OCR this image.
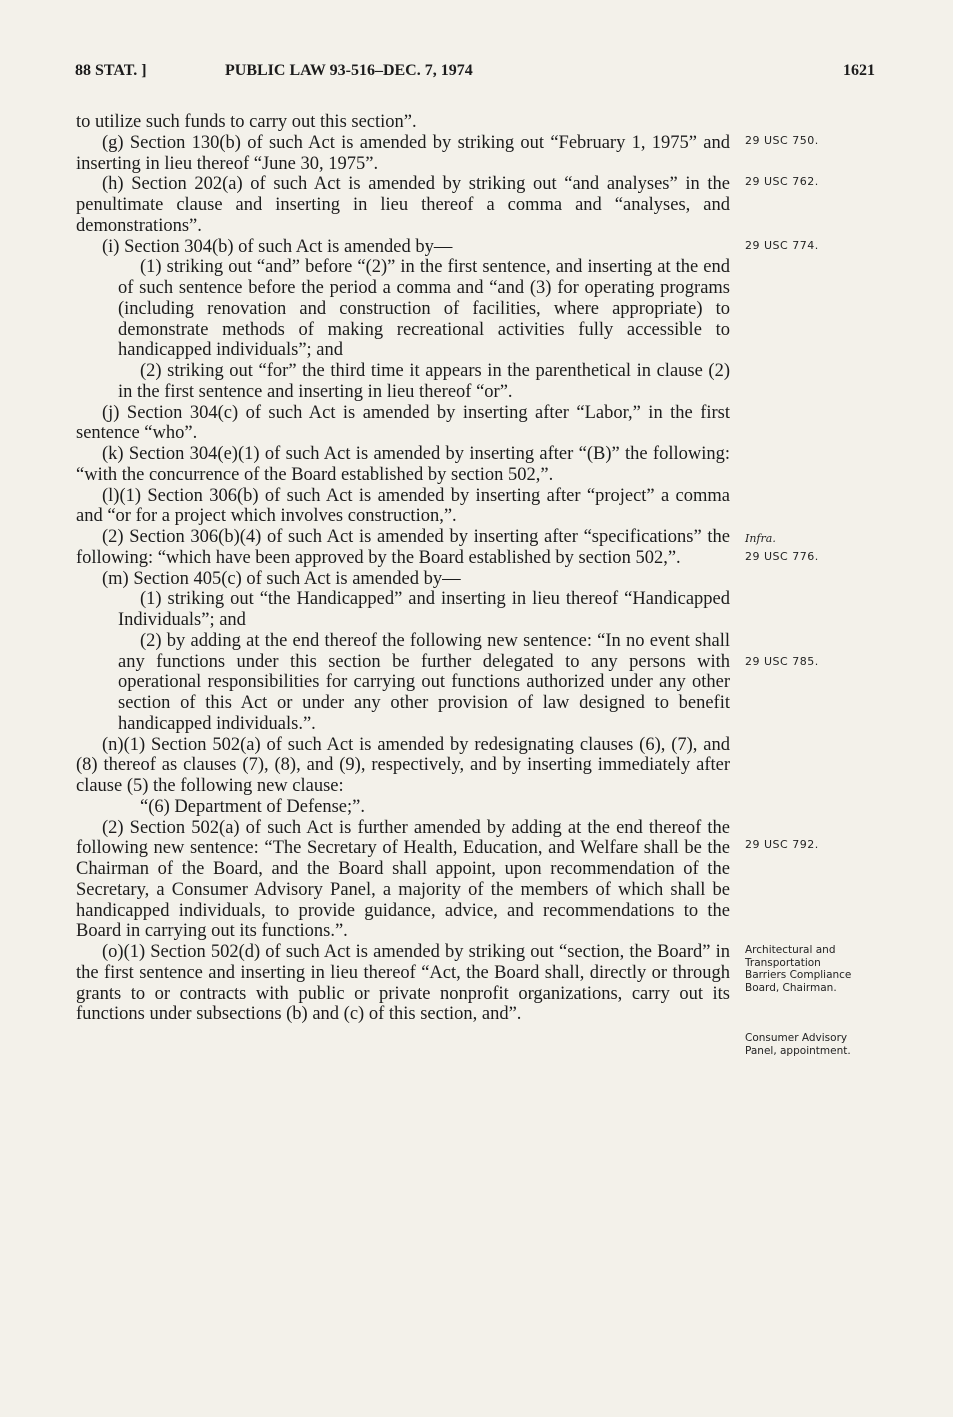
88 STAT. ]	PUBLIC LAW 93-516–DEC. 7, 1974	1621

to utilize such funds to carry out this section”.

(g) Section 130(b) of such Act is amended by striking out “February 1, 1975” and inserting in lieu thereof “June 30, 1975”.

(h) Section 202(a) of such Act is amended by striking out “and analyses” in the penultimate clause and inserting in lieu thereof a comma and “analyses, and demonstrations”.

(i) Section 304(b) of such Act is amended by—

(1) striking out “and” before “(2)” in the first sentence, and inserting at the end of such sentence before the period a comma and “and (3) for operating programs (including renovation and construction of facilities, where appropriate) to demonstrate methods of making recreational activities fully accessible to handicapped individuals”; and

(2) striking out “for” the third time it appears in the parenthetical in clause (2) in the first sentence and inserting in lieu thereof “or”.

(j) Section 304(c) of such Act is amended by inserting after “Labor,” in the first sentence “who”.

(k) Section 304(e)(1) of such Act is amended by inserting after “(B)” the following: “with the concurrence of the Board established by section 502,”.

(l)(1) Section 306(b) of such Act is amended by inserting after “project” a comma and “or for a project which involves construction,”.

(2) Section 306(b)(4) of such Act is amended by inserting after “specifications” the following: “which have been approved by the Board established by section 502,”.

(m) Section 405(c) of such Act is amended by—

(1) striking out “the Handicapped” and inserting in lieu thereof “Handicapped Individuals”; and

(2) by adding at the end thereof the following new sentence: “In no event shall any functions under this section be further delegated to any persons with operational responsibilities for carrying out functions authorized under any other section of this Act or under any other provision of law designed to benefit handicapped individuals.”.

(n)(1) Section 502(a) of such Act is amended by redesignating clauses (6), (7), and (8) thereof as clauses (7), (8), and (9), respectively, and by inserting immediately after clause (5) the following new clause:

“(6) Department of Defense;”.

(2) Section 502(a) of such Act is further amended by adding at the end thereof the following new sentence: “The Secretary of Health, Education, and Welfare shall be the Chairman of the Board, and the Board shall appoint, upon recommendation of the Secretary, a Consumer Advisory Panel, a majority of the members of which shall be handicapped individuals, to provide guidance, advice, and recommendations to the Board in carrying out its functions.”.

(o)(1) Section 502(d) of such Act is amended by striking out “section, the Board” in the first sentence and inserting in lieu thereof “Act, the Board shall, directly or through grants to or contracts with public or private nonprofit organizations, carry out its functions under subsections (b) and (c) of this section, and”.

29 USC 750.
29 USC 762.
29 USC 774.
Infra.
29 USC 776.
29 USC 785.
29 USC 792.
Architectural and Transportation Barriers Compliance Board, Chairman.
Consumer Advisory Panel, appointment.
